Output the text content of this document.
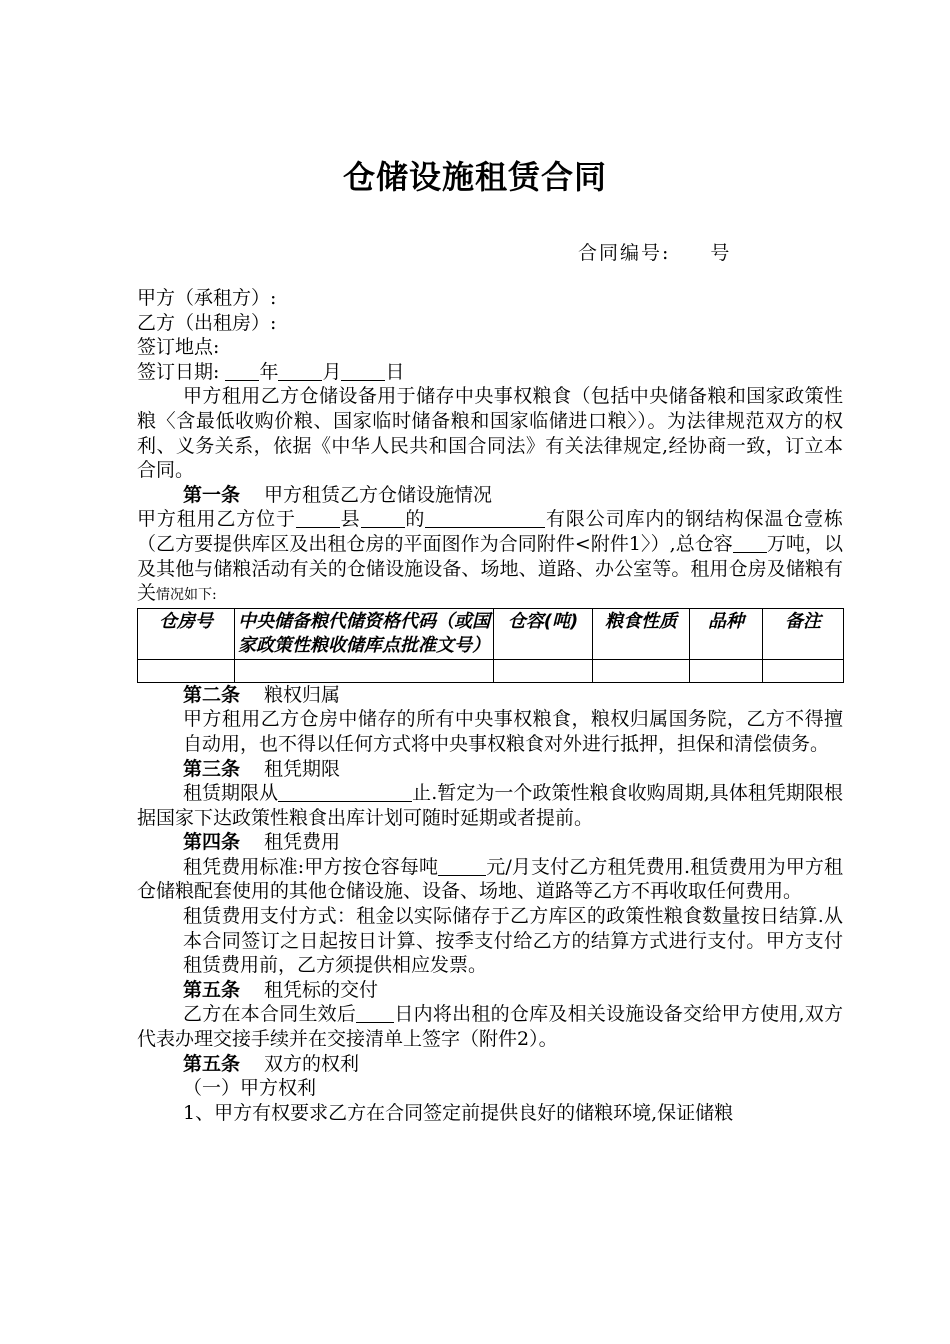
仓储设施租赁合同
合同编号: 号
甲方（承租方）:
乙方（出租房）:
签订地点:
签订日期: 年 月 日
甲方租用乙方仓储设备用于储存中央事权粮食（包括中央储备粮和国家政策性粮〈含最低收购价粮、国家临时储备粮和国家临储进口粮〉）。为法律规范双方的权利、义务关系，依据《中华人民共和国合同法》有关法律规定,经协商一致，订立本合同。
第一条 甲方租赁乙方仓储设施情况
甲方租用乙方位于 县 的	有限公司库内的钢结构保温仓壹栋（乙方要提供库区及出租仓房的平面图作为合同附件<附件1〉）,总仓容 万吨，以及其他与储粮活动有关的仓储设施设备、场地、道路、办公室等。租用仓房及储粮有关情况如下:
仓房号	中央储备粮代储资格代码（或国家政策性粮收储库点批准文号）	仓容(吨)	粮食性质	品种	备注

第二条 粮权归属
甲方租用乙方仓房中储存的所有中央事权粮食，粮权归属国务院，乙方不得擅自动用，也不得以任何方式将中央事权粮食对外进行抵押，担保和清偿债务。
第三条 租凭期限
租赁期限从	止.暂定为一个政策性粮食收购周期,具体租凭期限根据国家下达政策性粮食出库计划可随时延期或者提前。
第四条 租凭费用
租凭费用标准:甲方按仓容每吨	元/月支付乙方租凭费用.租赁费用为甲方租仓储粮配套使用的其他仓储设施、设备、场地、道路等乙方不再收取任何费用。
租赁费用支付方式：租金以实际储存于乙方库区的政策性粮食数量按日结算.从本合同签订之日起按日计算、按季支付给乙方的结算方式进行支付。甲方支付租赁费用前，乙方须提供相应发票。
第五条 租凭标的交付
乙方在本合同生效后 日内将出租的仓库及相关设施设备交给甲方使用,双方代表办理交接手续并在交接清单上签字（附件2）。
第五条 双方的权利
（一）甲方权利
1、甲方有权要求乙方在合同签定前提供良好的储粮环境,保证储粮
